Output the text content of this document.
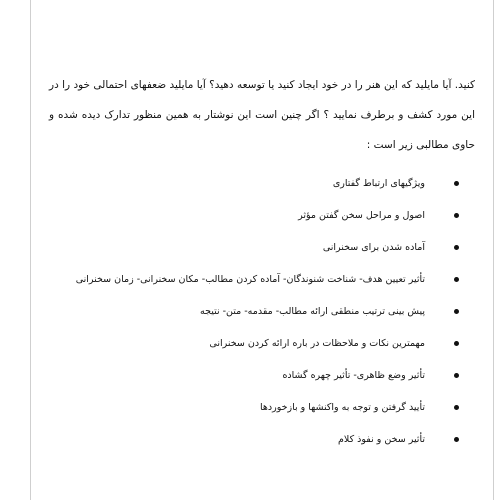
کنید. آیا مایلید که این هنر را در خود ایجاد کنید یا توسعه دهید؟ آیا مایلید ضعفهای احتمالی خود را در این مورد کشف و برطرف نمایید ؟ اگر چنین است این نوشتار به همین منظور تدارک دیده شده و حاوی مطالبی زیر است :

ویژگیهای ارتباط گفتاری
اصول و مراحل سخن گفتن مؤثر
آماده شدن برای سخنرانی
تأثیر تعیین هدف- شناخت شنوندگان- آماده کردن مطالب- مکان سخنرانی- زمان سخنرانی
پیش بینی ترتیب منطقی ارائه مطالب- مقدمه- متن- نتیجه
مهمترین نکات و ملاحظات در باره ارائه کردن سخنرانی
تأثیر وضع ظاهری- تأثیر چهره گشاده
تأیید گرفتن و توجه به واکنشها و بازخوردها
تأثیر سخن و نفوذ کلام
